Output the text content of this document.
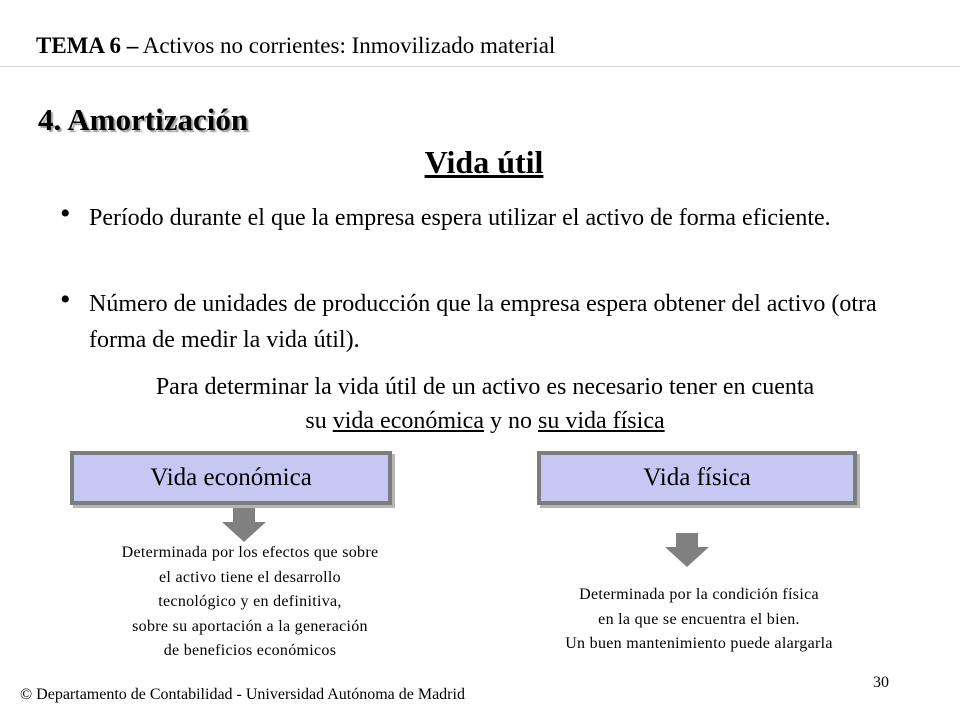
TEMA 6 – Activos no corrientes: Inmovilizado material
4. Amortización
Vida útil
• Período durante el que la empresa espera utilizar el activo de forma eficiente.
• Número de unidades de producción que la empresa espera obtener del activo (otra forma de medir la vida útil).
Para determinar la vida útil de un activo es necesario tener en cuenta
su vida económica y no su vida física
Vida económica	Vida física
Determinada por los efectos que sobre
el activo tiene el desarrollo
tecnológico y en definitiva,
sobre su aportación a la generación
de beneficios económicos
Determinada por la condición física
en la que se encuentra el bien.
Un buen mantenimiento puede alargarla
© Departamento de Contabilidad - Universidad Autónoma de Madrid
30
